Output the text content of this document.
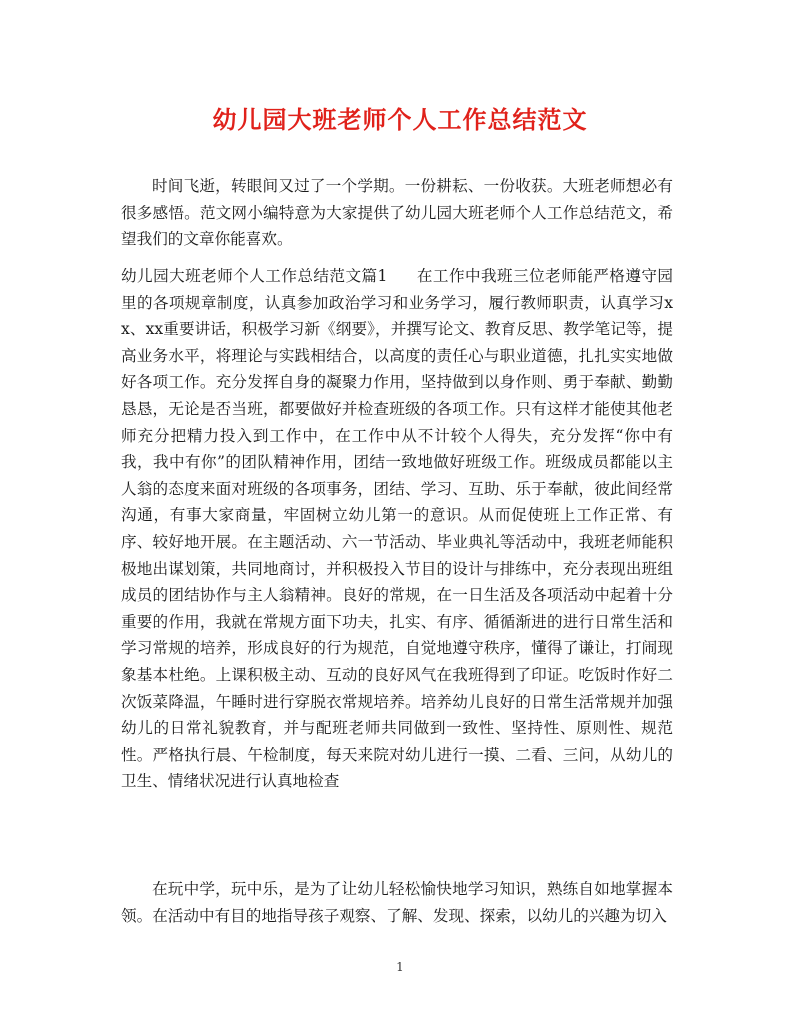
幼儿园大班老师个人工作总结范文
时间飞逝，转眼间又过了一个学期。一份耕耘、一份收获。大班老师想必有很多感悟。范文网小编特意为大家提供了幼儿园大班老师个人工作总结范文，希望我们的文章你能喜欢。
幼儿园大班老师个人工作总结范文篇1 在工作中我班三位老师能严格遵守园里的各项规章制度，认真参加政治学习和业务学习，履行教师职责，认真学习xx、xx重要讲话，积极学习新《纲要》，并撰写论文、教育反思、教学笔记等，提高业务水平，将理论与实践相结合，以高度的责任心与职业道德，扎扎实实地做好各项工作。充分发挥自身的凝聚力作用，坚持做到以身作则、勇于奉献、勤勤恳恳，无论是否当班，都要做好并检查班级的各项工作。只有这样才能使其他老师充分把精力投入到工作中，在工作中从不计较个人得失，充分发挥“你中有我，我中有你”的团队精神作用，团结一致地做好班级工作。班级成员都能以主人翁的态度来面对班级的各项事务，团结、学习、互助、乐于奉献，彼此间经常沟通，有事大家商量，牢固树立幼儿第一的意识。从而促使班上工作正常、有序、较好地开展。在主题活动、六一节活动、毕业典礼等活动中，我班老师能积极地出谋划策，共同地商讨，并积极投入节目的设计与排练中，充分表现出班组成员的团结协作与主人翁精神。良好的常规，在一日生活及各项活动中起着十分重要的作用，我就在常规方面下功夫，扎实、有序、循循渐进的进行日常生活和学习常规的培养，形成良好的行为规范，自觉地遵守秩序，懂得了谦让，打闹现象基本杜绝。上课积极主动、互动的良好风气在我班得到了印证。吃饭时作好二次饭菜降温，午睡时进行穿脱衣常规培养。培养幼儿良好的日常生活常规并加强幼儿的日常礼貌教育，并与配班老师共同做到一致性、坚持性、原则性、规范性。严格执行晨、午检制度，每天来院对幼儿进行一摸、二看、三问，从幼儿的卫生、情绪状况进行认真地检查
在玩中学，玩中乐，是为了让幼儿轻松愉快地学习知识，熟练自如地掌握本领。在活动中有目的地指导孩子观察、了解、发现、探索，以幼儿的兴趣为切入
1
